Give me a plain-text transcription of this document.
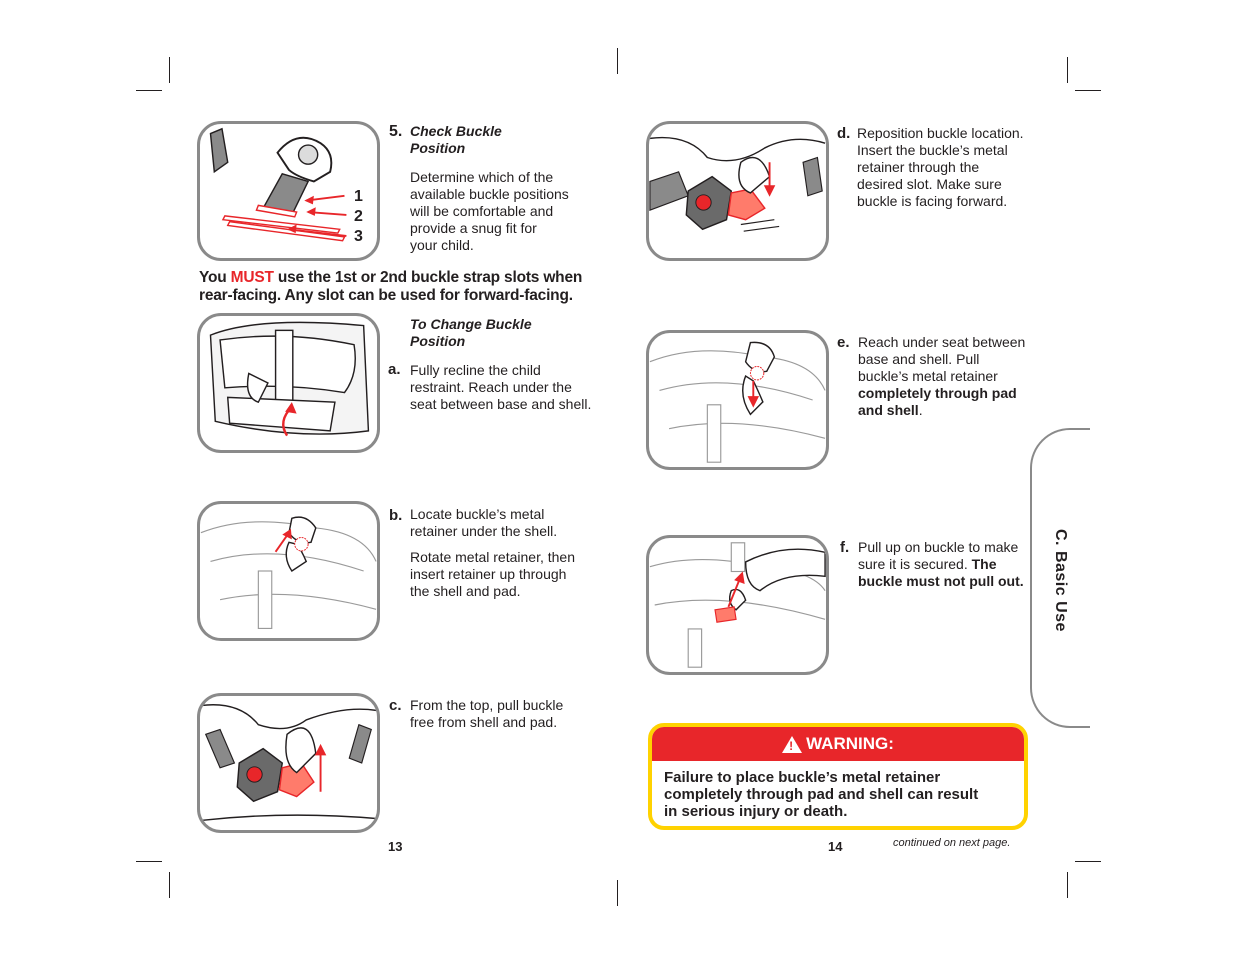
1
2
3
5. Check Buckle
Position
Determine which of the
available buckle positions
will be comfortable and
provide a snug fit for
your child.
You MUST use the 1st or 2nd buckle strap slots when
rear-facing. Any slot can be used for forward-facing.
To Change Buckle
Position
a. Fully recline the child
restraint. Reach under the
seat between base and shell.
b. Locate buckle’s metal
retainer under the shell.
Rotate metal retainer, then
insert retainer up through
the shell and pad.
c. From the top, pull buckle
free from shell and pad.
13
d. Reposition buckle location.
Insert the buckle’s metal
retainer through the
desired slot. Make sure
buckle is facing forward.
e. Reach under seat between
base and shell. Pull
buckle’s metal retainer
completely through pad
and shell.
f. Pull up on buckle to make
sure it is secured. The
buckle must not pull out.	C. Basic Use
! WARNING:
Failure to place buckle’s metal retainer
completely through pad and shell can result
in serious injury or death.
14	continued on next page.
